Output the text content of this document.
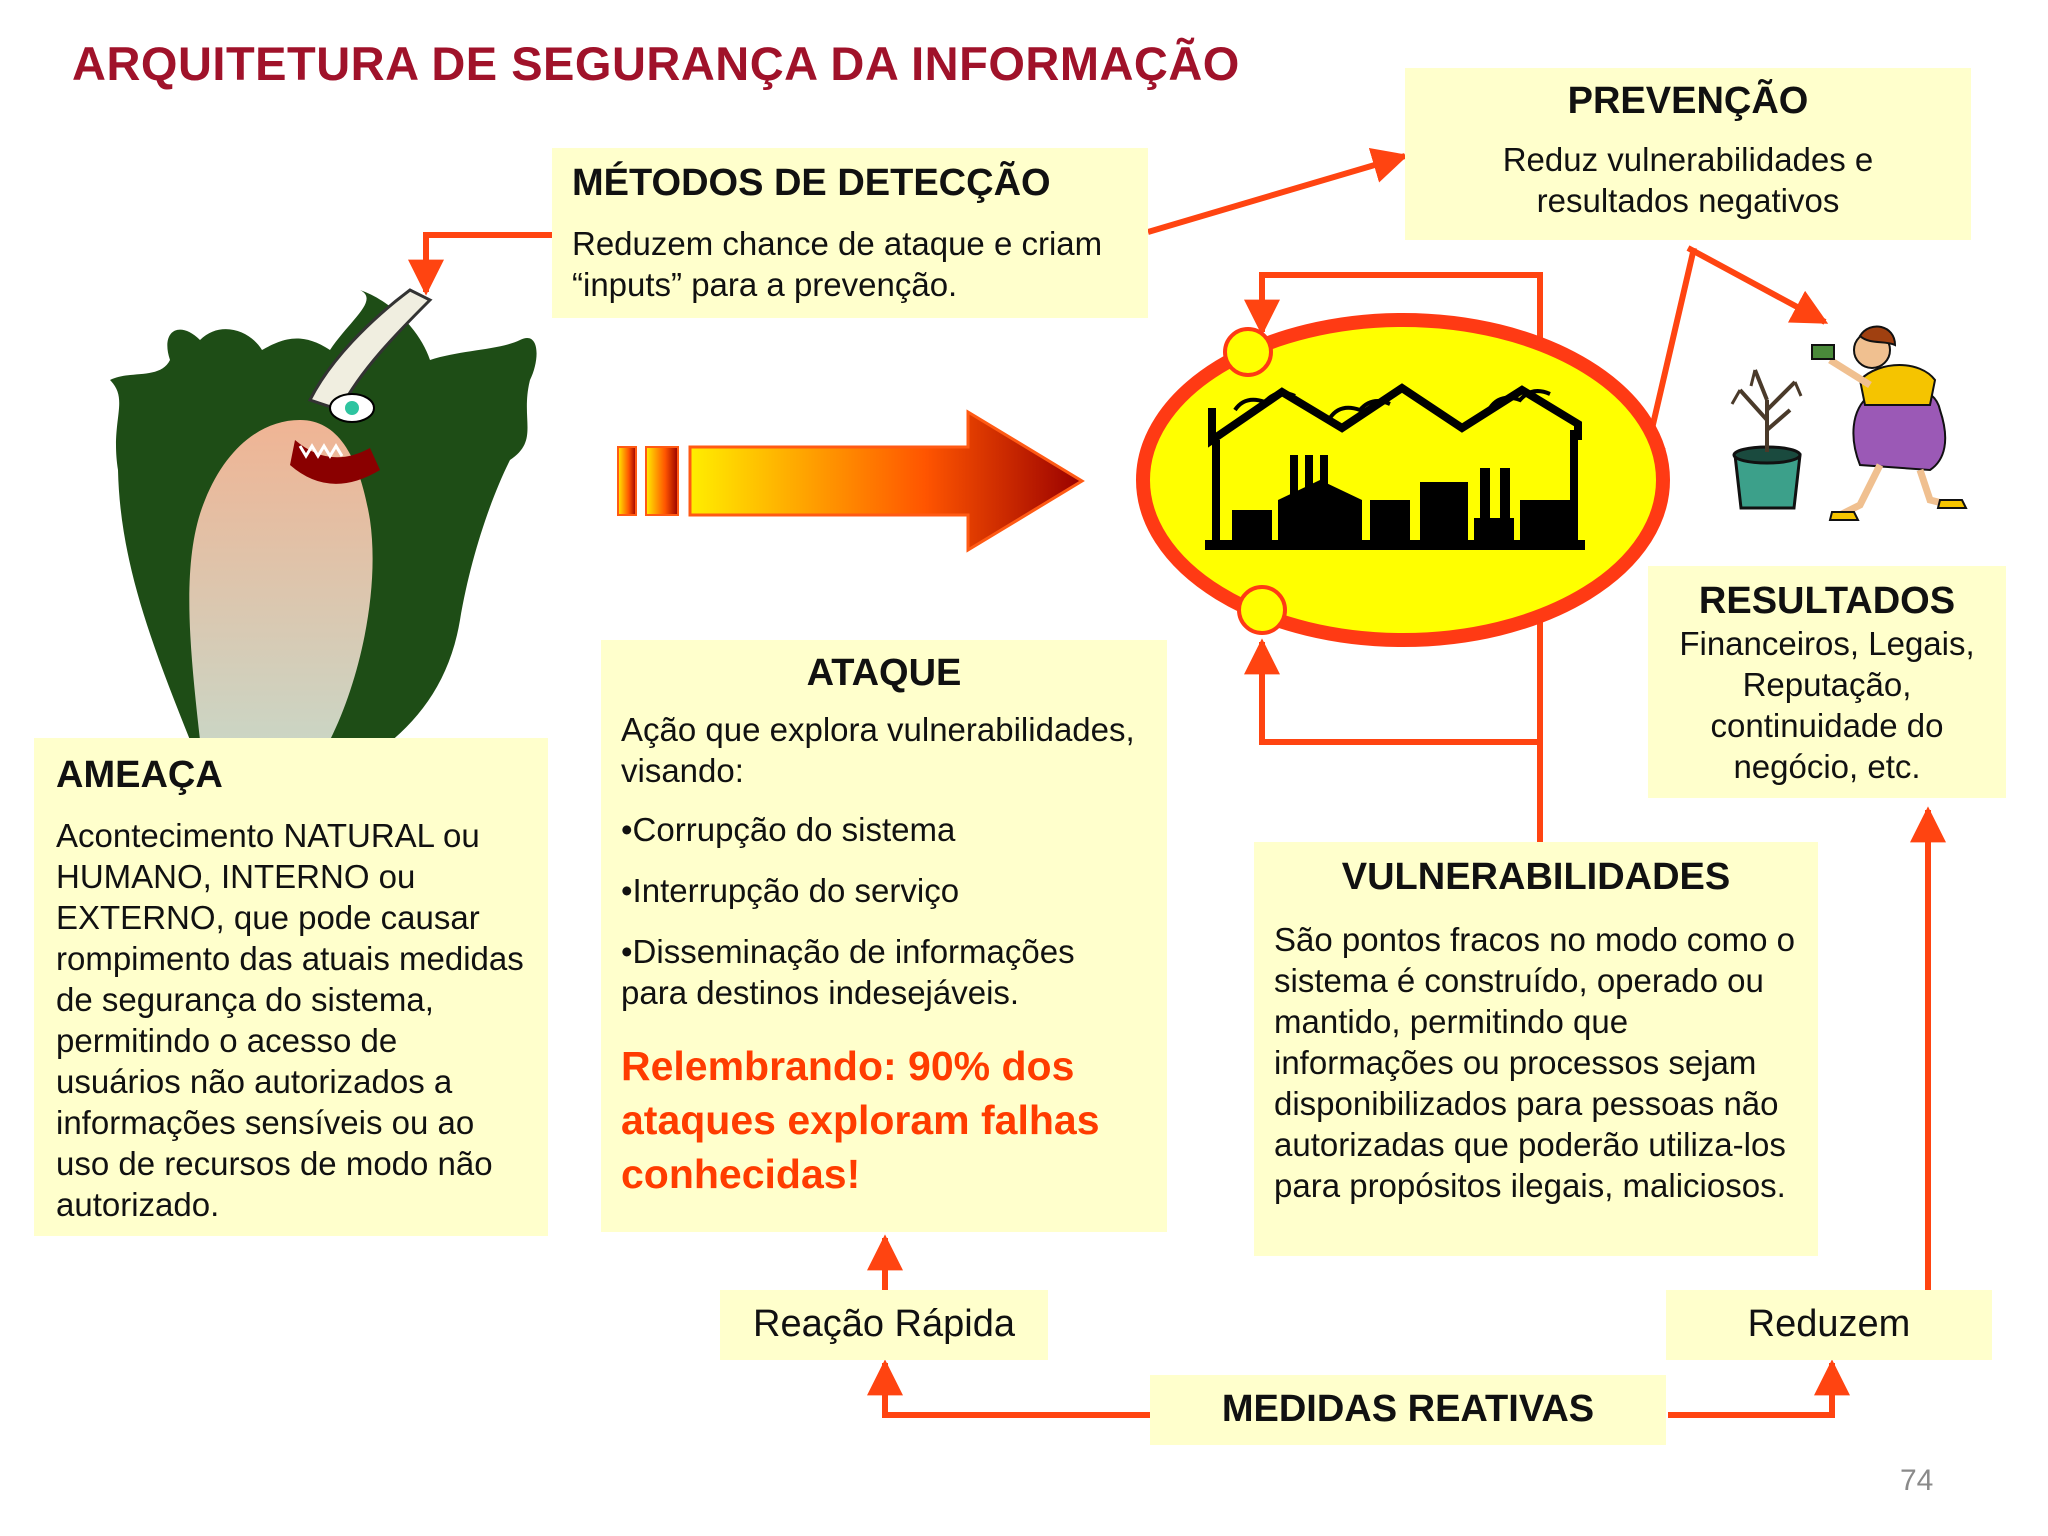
ARQUITETURA DE SEGURANÇA DA INFORMAÇÃO
MÉTODOS DE DETECÇÃO
Reduzem chance de ataque e criam “inputs” para a prevenção.
PREVENÇÃO
Reduz vulnerabilidades e resultados negativos
AMEAÇA
Acontecimento NATURAL ou HUMANO, INTERNO ou EXTERNO, que pode causar rompimento das atuais medidas de segurança do sistema, permitindo o acesso de usuários não autorizados a informações sensíveis ou ao uso de recursos de modo não autorizado.
ATAQUE
Ação que explora vulnerabilidades, visando:
•Corrupção do sistema
•Interrupção do serviço
•Disseminação de informações para destinos indesejáveis.
Relembrando: 90% dos ataques exploram falhas conhecidas!
RESULTADOS
Financeiros, Legais, Reputação, continuidade do negócio, etc.
VULNERABILIDADES
São pontos fracos no modo como o sistema é construído, operado ou mantido, permitindo que informações ou processos sejam disponibilizados para pessoas não autorizadas que poderão utiliza-los para propósitos ilegais, maliciosos.
Reação Rápida	Reduzem
MEDIDAS REATIVAS
74
